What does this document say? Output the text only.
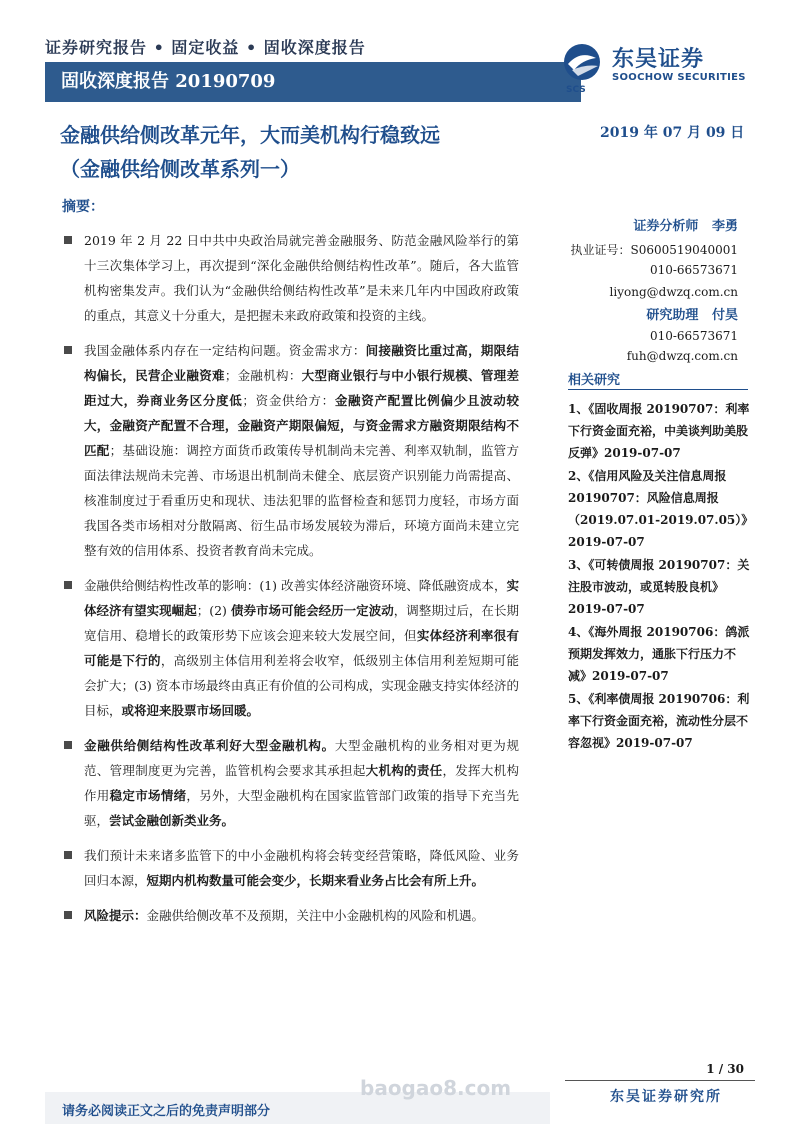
证券研究报告 • 固定收益 • 固收深度报告
固收深度报告 20190709	SCS
东吴证券
SOOCHOW SECURITIES
金融供给侧改革元年，大而美机构行稳致远
（金融供给侧改革系列一）
2019 年 07 月 09 日
摘要：
2019 年 2 月 22 日中共中央政治局就完善金融服务、防范金融风险举行的第十三次集体学习上，再次提到“深化金融供给侧结构性改革”。随后，各大监管机构密集发声。我们认为“金融供给侧结构性改革”是未来几年内中国政府政策的重点，其意义十分重大，是把握未来政府政策和投资的主线。
我国金融体系内存在一定结构问题。资金需求方：间接融资比重过高，期限结构偏长，民营企业融资难；金融机构：大型商业银行与中小银行规模、管理差距过大，券商业务区分度低；资金供给方：金融资产配置比例偏少且波动较大，金融资产配置不合理，金融资产期限偏短，与资金需求方融资期限结构不匹配；基础设施：调控方面货币政策传导机制尚未完善、利率双轨制，监管方面法律法规尚未完善、市场退出机制尚未健全、底层资产识别能力尚需提高、核准制度过于看重历史和现状、违法犯罪的监督检查和惩罚力度轻，市场方面我国各类市场相对分散隔离、衍生品市场发展较为滞后，环境方面尚未建立完整有效的信用体系、投资者教育尚未完成。
金融供给侧结构性改革的影响：(1) 改善实体经济融资环境、降低融资成本，实体经济有望实现崛起；(2) 债券市场可能会经历一定波动，调整期过后，在长期宽信用、稳增长的政策形势下应该会迎来较大发展空间，但实体经济利率很有可能是下行的，高级别主体信用利差将会收窄，低级别主体信用利差短期可能会扩大；(3) 资本市场最终由真正有价值的公司构成，实现金融支持实体经济的目标，或将迎来股票市场回暖。
金融供给侧结构性改革利好大型金融机构。大型金融机构的业务相对更为规范、管理制度更为完善，监管机构会要求其承担起大机构的责任，发挥大机构作用稳定市场情绪，另外，大型金融机构在国家监管部门政策的指导下充当先驱，尝试金融创新类业务。
我们预计未来诸多监管下的中小金融机构将会转变经营策略，降低风险、业务回归本源，短期内机构数量可能会变少，长期来看业务占比会有所上升。
风险提示：金融供给侧改革不及预期，关注中小金融机构的风险和机遇。
证券分析师 李勇
执业证号：S0600519040001
010-66573671
liyong@dwzq.com.cn
研究助理 付昊
010-66573671
fuh@dwzq.com.cn
相关研究
1、《固收周报 20190707：利率下行资金面充裕，中美谈判助美股反弹》2019-07-07
2、《信用风险及关注信息周报 20190707：风险信息周报（2019.07.01-2019.07.05）》2019-07-07
3、《可转债周报 20190707：关注股市波动，或觅转股良机》2019-07-07
4、《海外周报 20190706：鸽派预期发挥效力，通胀下行压力不减》2019-07-07
5、《利率债周报 20190706：利率下行资金面充裕，流动性分层不容忽视》2019-07-07
1 / 30
请务必阅读正文之后的免责声明部分
baogao8.com	东吴证券研究所
